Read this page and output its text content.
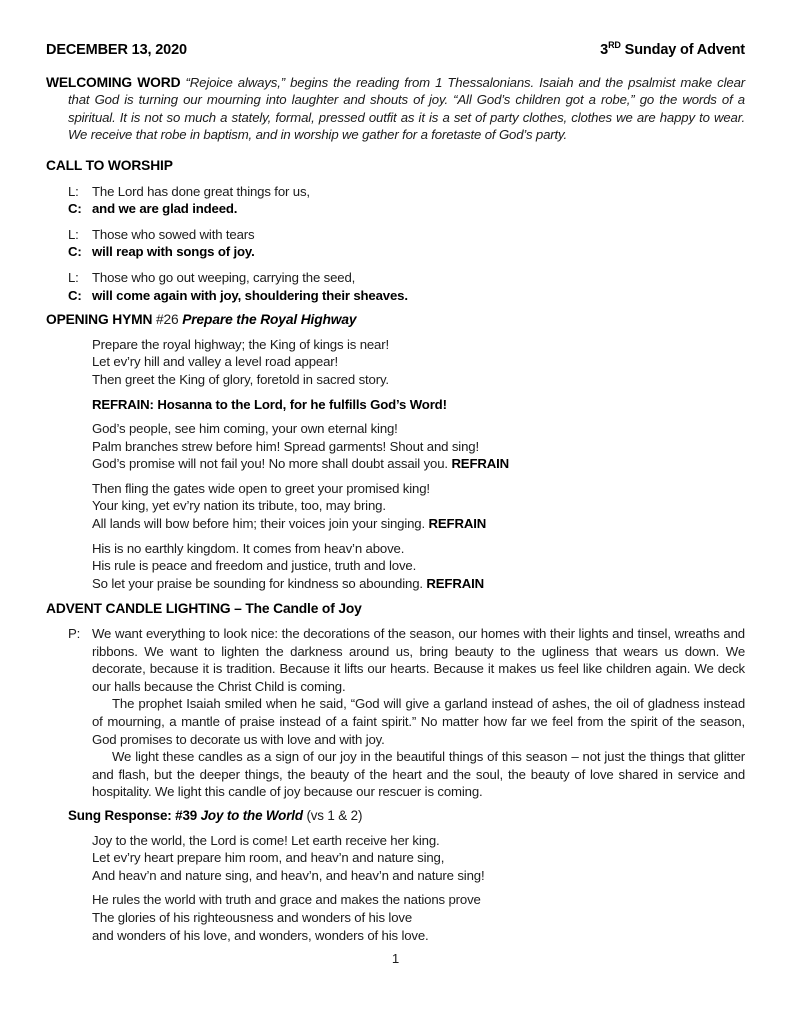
DECEMBER 13, 2020	3RD Sunday of Advent

WELCOMING WORD “Rejoice always,” begins the reading from 1 Thessalonians. Isaiah and the psalmist make clear that God is turning our mourning into laughter and shouts of joy. “All God’s children got a robe,” go the words of a spiritual. It is not so much a stately, formal, pressed outfit as it is a set of party clothes, clothes we are happy to wear. We receive that robe in baptism, and in worship we gather for a foretaste of God’s party.

CALL TO WORSHIP
L:	The Lord has done great things for us,
C: and we are glad indeed.
L:	Those who sowed with tears
C: will reap with songs of joy.
L:	Those who go out weeping, carrying the seed,
C: will come again with joy, shouldering their sheaves.
OPENING HYMN #26 Prepare the Royal Highway
Prepare the royal highway; the King of kings is near!
Let ev’ry hill and valley a level road appear!
Then greet the King of glory, foretold in sacred story.
REFRAIN: Hosanna to the Lord, for he fulfills God’s Word!
God’s people, see him coming, your own eternal king!
Palm branches strew before him! Spread garments! Shout and sing!
God’s promise will not fail you! No more shall doubt assail you. REFRAIN
Then fling the gates wide open to greet your promised king!
Your king, yet ev’ry nation its tribute, too, may bring.
All lands will bow before him; their voices join your singing. REFRAIN
His is no earthly kingdom. It comes from heav’n above.
His rule is peace and freedom and justice, truth and love.
So let your praise be sounding for kindness so abounding. REFRAIN
ADVENT CANDLE LIGHTING – The Candle of Joy
P: We want everything to look nice: the decorations of the season, our homes with their lights and tinsel, wreaths and ribbons. We want to lighten the darkness around us, bring beauty to the ugliness that wears us down. We decorate, because it is tradition. Because it lifts our hearts. Because it makes us feel like children again. We deck our halls because the Christ Child is coming.

The prophet Isaiah smiled when he said, “God will give a garland instead of ashes, the oil of gladness instead of mourning, a mantle of praise instead of a faint spirit.” No matter how far we feel from the spirit of the season, God promises to decorate us with love and with joy.

We light these candles as a sign of our joy in the beautiful things of this season – not just the things that glitter and flash, but the deeper things, the beauty of the heart and the soul, the beauty of love shared in service and hospitality. We light this candle of joy because our rescuer is coming.

Sung Response: #39 Joy to the World (vs 1 & 2)
Joy to the world, the Lord is come! Let earth receive her king.
Let ev’ry heart prepare him room, and heav’n and nature sing,
And heav’n and nature sing, and heav’n, and heav’n and nature sing!
He rules the world with truth and grace and makes the nations prove
The glories of his righteousness and wonders of his love
and wonders of his love, and wonders, wonders of his love.
1
